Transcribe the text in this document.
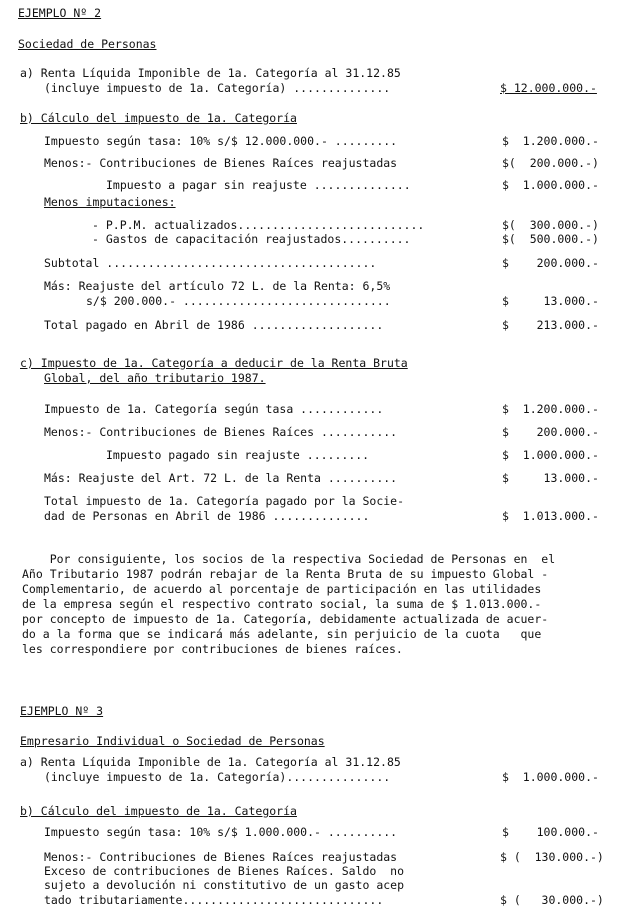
EJEMPLO Nº 2
Sociedad de Personas
a) Renta Líquida Imponible de 1a. Categoría al 31.12.85
(incluye impuesto de 1a. Categoría) ..............	$ 12.000.000.-
b) Cálculo del impuesto de 1a. Categoría
Impuesto según tasa: 10% s/$ 12.000.000.- .........	$  1.200.000.-
Menos:- Contribuciones de Bienes Raíces reajustadas	$(  200.000.-)
Impuesto a pagar sin reajuste ..............	$  1.000.000.-
Menos imputaciones:
- P.P.M. actualizados...........................	$(  300.000.-)
- Gastos de capacitación reajustados..........	$(  500.000.-)
Subtotal .......................................	$    200.000.-
Más: Reajuste del artículo 72 L. de la Renta: 6,5%
s/$ 200.000.- ..............................	$     13.000.-
Total pagado en Abril de 1986 ...................	$    213.000.-
c) Impuesto de 1a. Categoría a deducir de la Renta Bruta
Global, del año tributario 1987.
Impuesto de 1a. Categoría según tasa ............	$  1.200.000.-
Menos:- Contribuciones de Bienes Raíces ...........	$    200.000.-
Impuesto pagado sin reajuste .........	$  1.000.000.-
Más: Reajuste del Art. 72 L. de la Renta ..........	$     13.000.-
Total impuesto de 1a. Categoría pagado por la Socie-
dad de Personas en Abril de 1986 ..............	$  1.013.000.-
Por consiguiente, los socios de la respectiva Sociedad de Personas en  el
Año Tributario 1987 podrán rebajar de la Renta Bruta de su impuesto Global -
Complementario, de acuerdo al porcentaje de participación en las utilidades
de la empresa según el respectivo contrato social, la suma de $ 1.013.000.-
por concepto de impuesto de 1a. Categoría, debidamente actualizada de acuer-
do a la forma que se indicará más adelante, sin perjuicio de la cuota   que
les correspondiere por contribuciones de bienes raíces.
EJEMPLO Nº 3
Empresario Individual o Sociedad de Personas
a) Renta Líquida Imponible de 1a. Categoría al 31.12.85
(incluye impuesto de 1a. Categoría)...............	$  1.000.000.-
b) Cálculo del impuesto de 1a. Categoría
Impuesto según tasa: 10% s/$ 1.000.000.- ..........	$    100.000.-
Menos:- Contribuciones de Bienes Raíces reajustadas	$ (  130.000.-)
Exceso de contribuciones de Bienes Raíces. Saldo  no
sujeto a devolución ni constitutivo de un gasto acep
tado tributariamente.............................	$ (   30.000.-)
